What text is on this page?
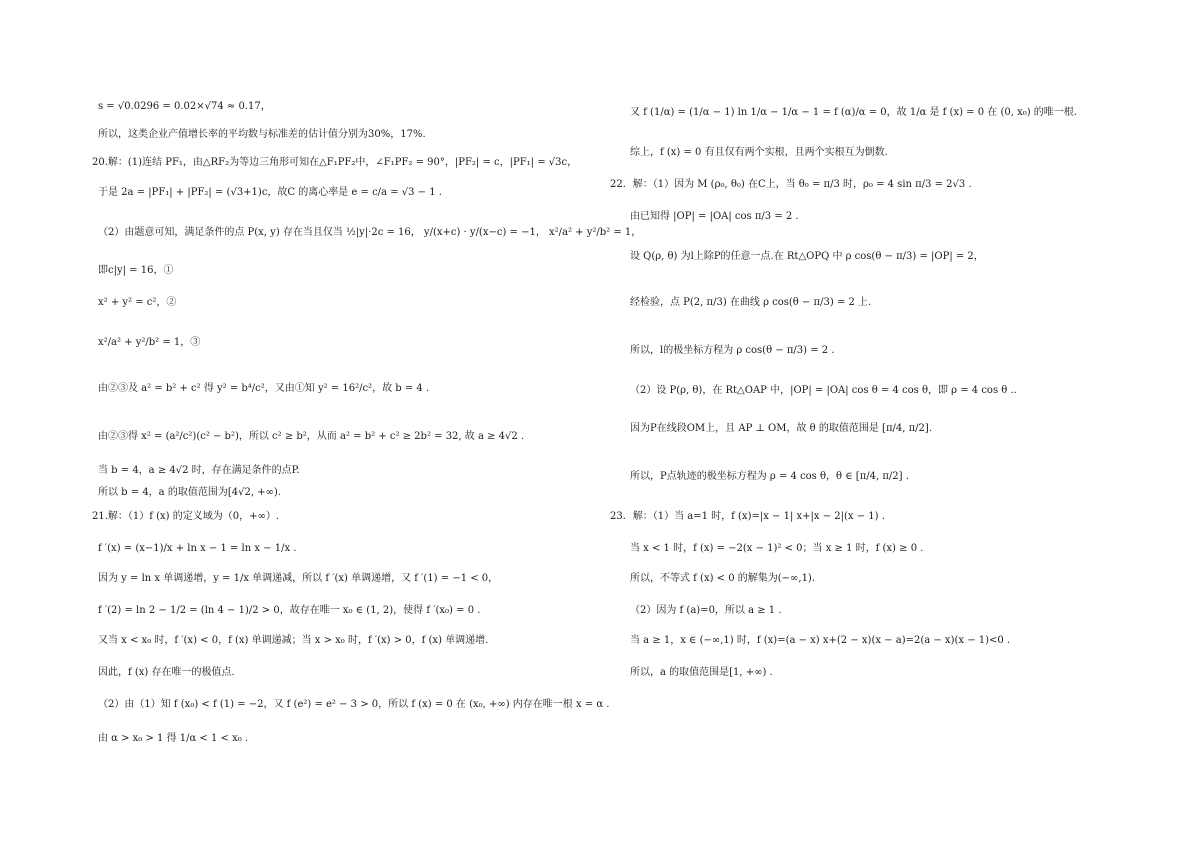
s = √0.0296 = 0.02×√74 ≈ 0.17，
所以，这类企业产值增长率的平均数与标准差的估计值分别为30%，17%.
20.解：(1)连结 PF₁，由△RF₂为等边三角形可知在△F₁PF₂中，∠F₁PF₂ = 90°，|PF₂| = c，|PF₁| = √3c，
于是 2a = |PF₁| + |PF₂| = (√3+1)c，故C 的离心率是 e = c/a = √3 − 1 .
（2）由题意可知，满足条件的点 P(x, y) 存在当且仅当 ½|y|·2c = 16， y/(x+c) · y/(x−c) = −1， x²/a² + y²/b² = 1，
即c|y| = 16，①
x² + y² = c²，②
x²/a² + y²/b² = 1，③
由②③及 a² = b² + c² 得 y² = b⁴/c²，又由①知 y² = 16²/c²，故 b = 4 .
由②③得 x² = (a²/c²)(c² − b²)，所以 c² ≥ b²，从而 a² = b² + c² ≥ 2b² = 32, 故 a ≥ 4√2 .
当 b = 4，a ≥ 4√2 时，存在满足条件的点P.
所以 b = 4，a 的取值范围为[4√2, +∞).
21.解：（1）f (x) 的定义域为（0，+∞）.
f ′(x) = (x−1)/x + ln x − 1 = ln x − 1/x .
因为 y = ln x 单调递增，y = 1/x 单调递减，所以 f ′(x) 单调递增，又 f ′(1) = −1 < 0，
f ′(2) = ln 2 − 1/2 = (ln 4 − 1)/2 > 0，故存在唯一 x₀ ∈ (1, 2)，使得 f ′(x₀) = 0 .
又当 x < x₀ 时，f ′(x) < 0，f (x) 单调递减；当 x > x₀ 时，f ′(x) > 0，f (x) 单调递增.
因此，f (x) 存在唯一的极值点.
（2）由（1）知 f (x₀) < f (1) = −2，又 f (e²) = e² − 3 > 0，所以 f (x) = 0 在 (x₀, +∞) 内存在唯一根 x = α .
由 α > x₀ > 1 得 1/α < 1 < x₀ .
又 f (1/α) = (1/α − 1) ln 1/α − 1/α − 1 = f (α)/α = 0，故 1/α 是 f (x) = 0 在 (0, x₀) 的唯一根.
综上，f (x) = 0 有且仅有两个实根，且两个实根互为倒数.
22．解：（1）因为 M (ρ₀, θ₀) 在C上，当 θ₀ = π/3 时，ρ₀ = 4 sin π/3 = 2√3 .
由已知得 |OP| = |OA| cos π/3 = 2 .
设 Q(ρ, θ) 为l上除P的任意一点.在 Rt△OPQ 中 ρ cos(θ − π/3) = |OP| = 2，
经检验，点 P(2, π/3) 在曲线 ρ cos(θ − π/3) = 2 上.
所以，l的极坐标方程为 ρ cos(θ − π/3) = 2 .
（2）设 P(ρ, θ)，在 Rt△OAP 中，|OP| = |OA| cos θ = 4 cos θ，即 ρ = 4 cos θ ..
因为P在线段OM上，且 AP ⊥ OM，故 θ 的取值范围是 [π/4, π/2].
所以，P点轨迹的极坐标方程为 ρ = 4 cos θ，θ ∈ [π/4, π/2] .
23．解：（1）当 a=1 时，f (x)=|x − 1| x+|x − 2|(x − 1) .
当 x < 1 时，f (x) = −2(x − 1)² < 0；当 x ≥ 1 时，f (x) ≥ 0 .
所以，不等式 f (x) < 0 的解集为(−∞,1).
（2）因为 f (a)=0，所以 a ≥ 1 .
当 a ≥ 1，x ∈ (−∞,1) 时，f (x)=(a − x) x+(2 − x)(x − a)=2(a − x)(x − 1)<0 .
所以，a 的取值范围是[1, +∞) .
